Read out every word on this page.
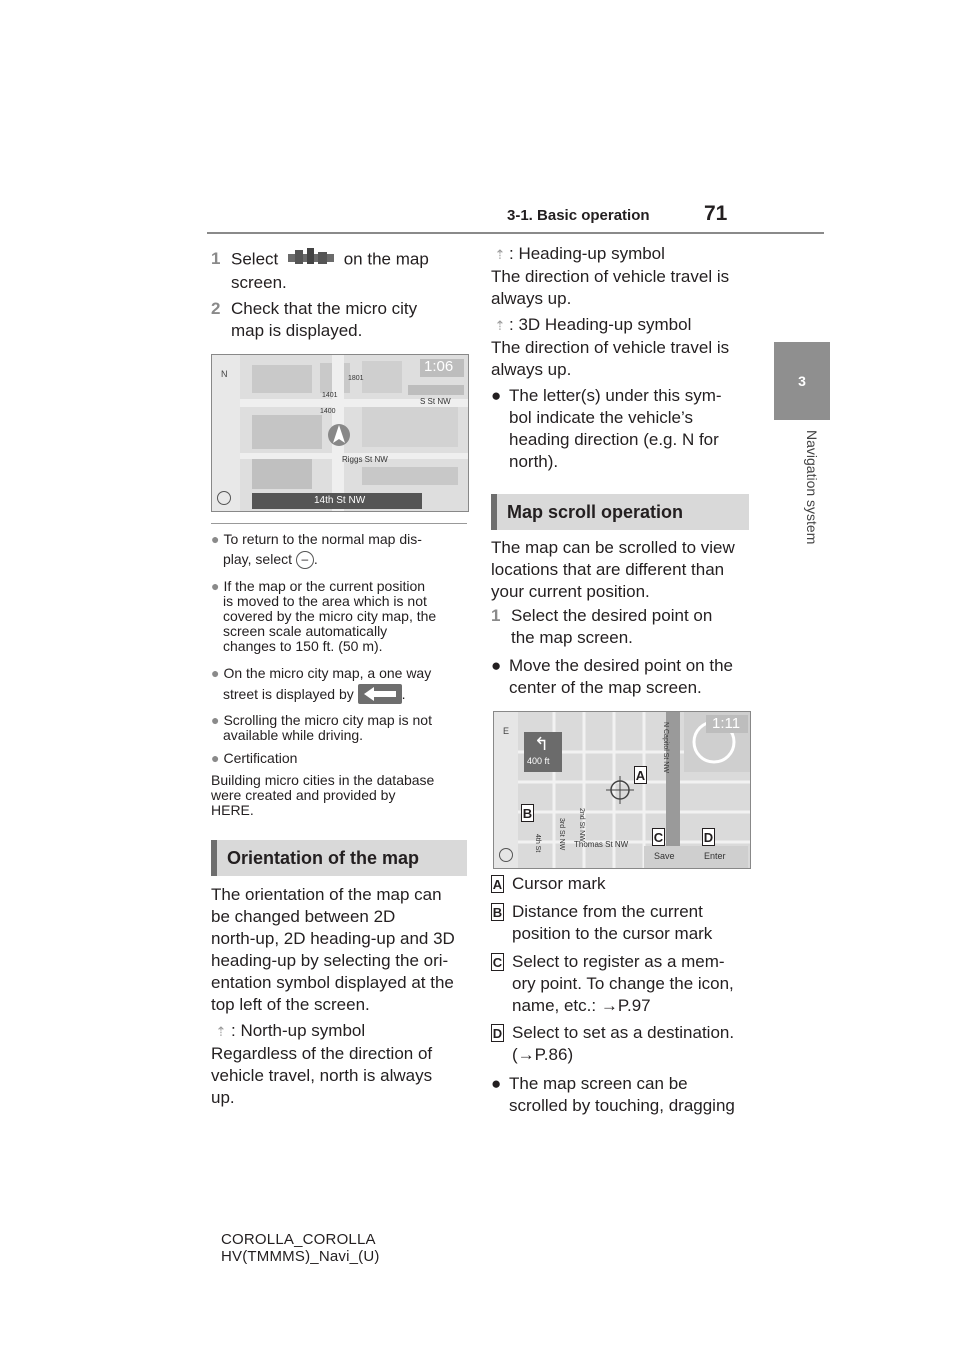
3-1. Basic operation	71
3
Navigation system
1 Select	on the map
screen.
2 Check that the micro city
map is displayed.
1:06
N
14th St NW
S St NW
Riggs St NW
1401
1400
1801
● To return to the normal map dis-
play, select – .
● If the map or the current position
is moved to the area which is not
covered by the micro city map, the
screen scale automatically
changes to 150 ft. (50 m).
● On the micro city map, a one way
street is displayed by	.
● Scrolling the micro city map is not
available while driving.
● Certification
Building micro cities in the database
were created and provided by
HERE.
Orientation of the map
The orientation of the map can
be changed between 2D
north-up, 2D heading-up and 3D
heading-up by selecting the ori-
entation symbol displayed at the
top left of the screen.
⇡ : North-up symbol
Regardless of the direction of
vehicle travel, north is always
up.
⇡ : Heading-up symbol
The direction of vehicle travel is
always up.
⇡ : 3D Heading-up symbol
The direction of vehicle travel is
always up.
● The letter(s) under this sym-
bol indicate the vehicle’s
heading direction (e.g. N for
north).
Map scroll operation
The map can be scrolled to view
locations that are different than
your current position.
1 Select the desired point on
the map screen.
● Move the desired point on the
center of the map screen.
1:11
E
400 ft
↰
Thomas St NW
N Capitol St NW
2nd St NW
3rd St NW
4th St
Save	Enter
A
B
C	D
A Cursor mark
B Distance from the current
position to the cursor mark
C Select to register as a mem-
ory point. To change the icon,
name, etc.: →P.97
D Select to set as a destination.
(→P.86)
● The map screen can be
scrolled by touching, dragging
COROLLA_COROLLA
HV(TMMMS)_Navi_(U)
